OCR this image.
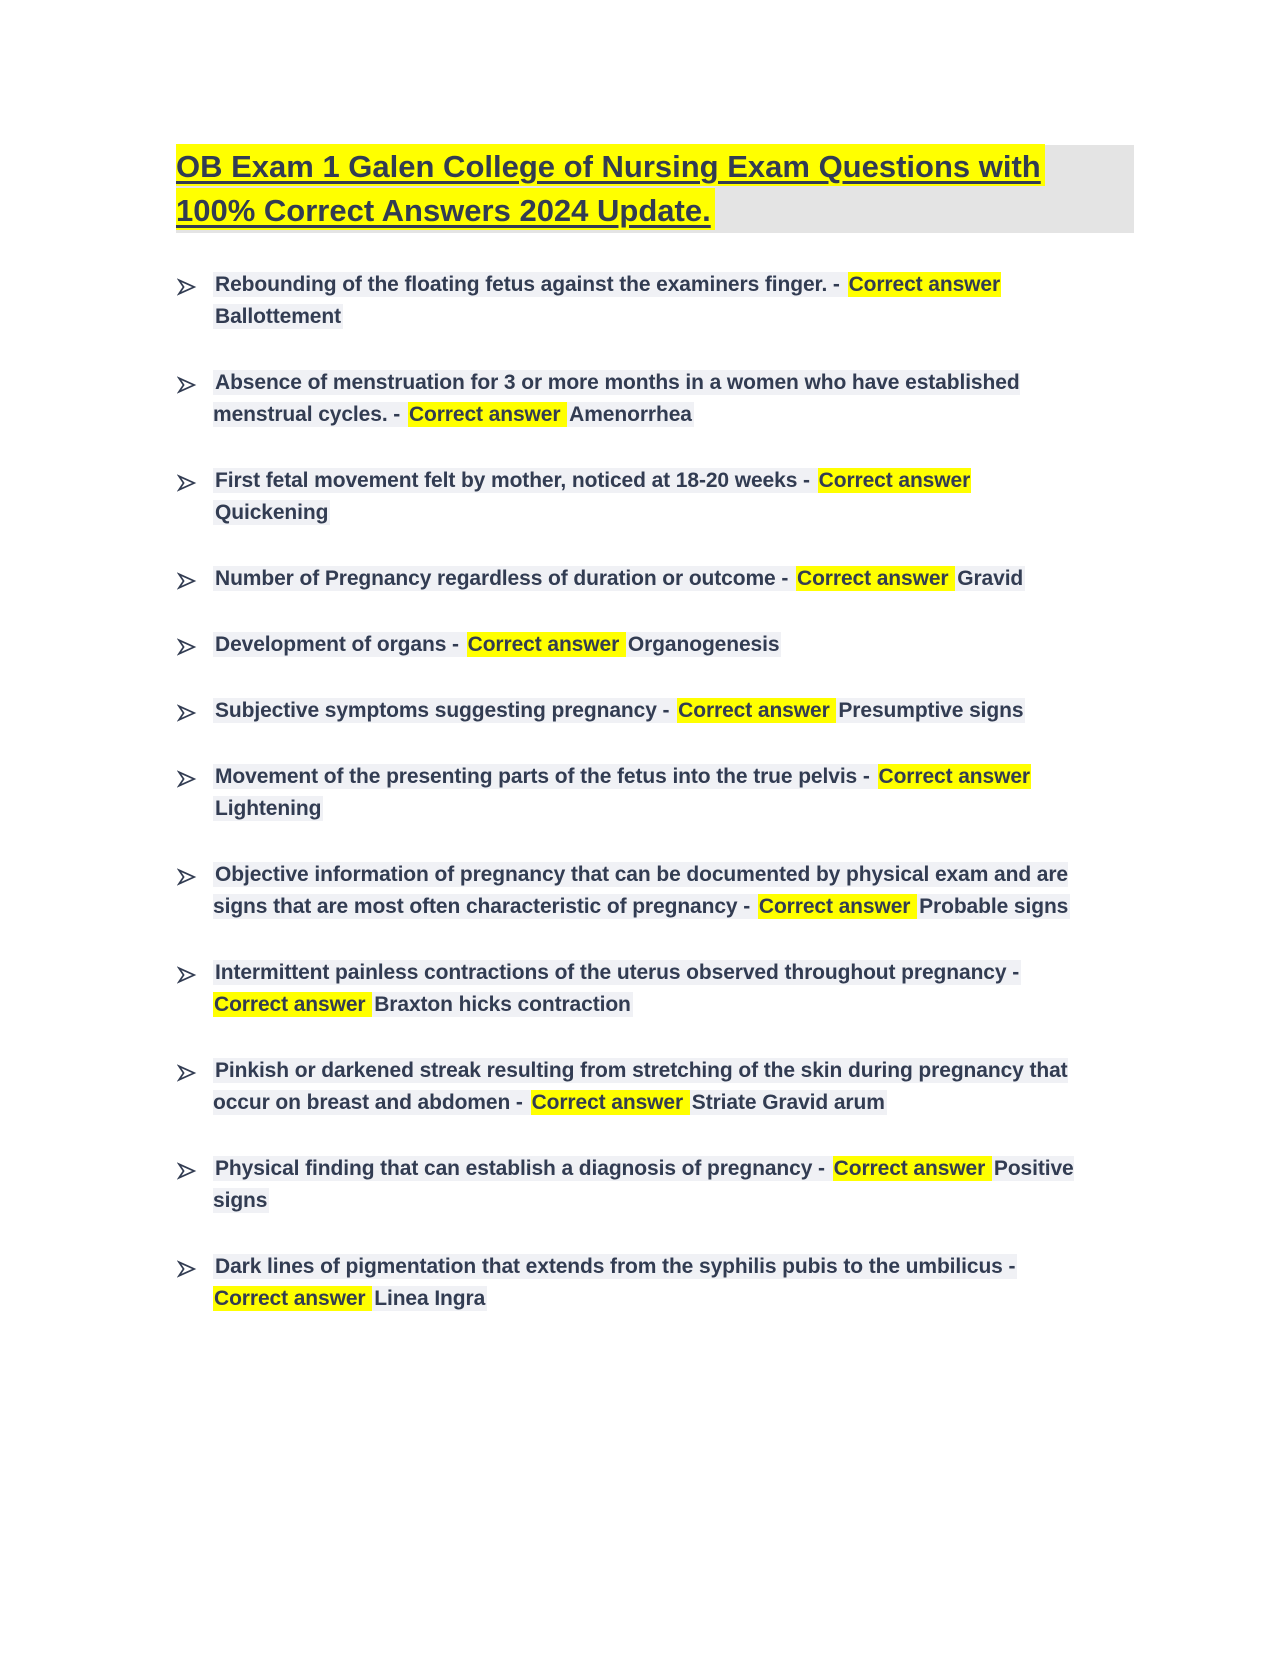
OB Exam 1 Galen College of Nursing Exam Questions with
100% Correct Answers 2024 Update.
Rebounding of the floating fetus against the examiners finger. - Correct answer Ballottement
Absence of menstruation for 3 or more months in a women who have established menstrual cycles. - Correct answer Amenorrhea
First fetal movement felt by mother, noticed at 18-20 weeks - Correct answer Quickening
Number of Pregnancy regardless of duration or outcome - Correct answer Gravid
Development of organs - Correct answer Organogenesis
Subjective symptoms suggesting pregnancy - Correct answer Presumptive signs
Movement of the presenting parts of the fetus into the true pelvis - Correct answer Lightening
Objective information of pregnancy that can be documented by physical exam and are signs that are most often characteristic of pregnancy - Correct answer Probable signs
Intermittent painless contractions of the uterus observed throughout pregnancy - Correct answer Braxton hicks contraction
Pinkish or darkened streak resulting from stretching of the skin during pregnancy that occur on breast and abdomen - Correct answer Striate Gravid arum
Physical finding that can establish a diagnosis of pregnancy - Correct answer Positive signs
Dark lines of pigmentation that extends from the syphilis pubis to the umbilicus - Correct answer Linea Ingra
